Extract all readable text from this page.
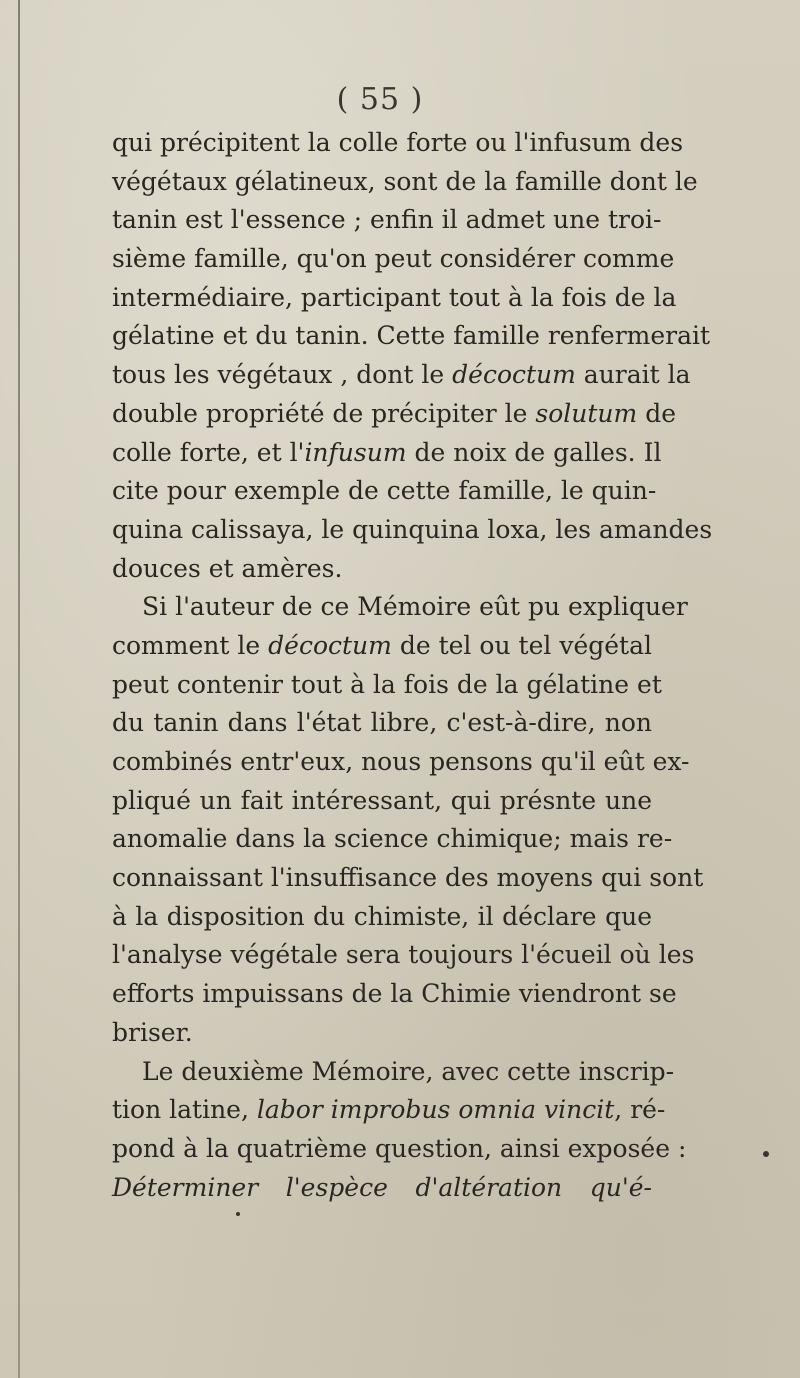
( 55 )
qui précipitent la colle forte ou l'infusum des
végétaux gélatineux, sont de la famille dont le
tanin est l'essence ; enfin il admet une troi-
sième famille, qu'on peut considérer comme
intermédiaire, participant tout à la fois de la
gélatine et du tanin. Cette famille renfermerait
tous les végétaux , dont le décoctum aurait la
double propriété de précipiter le solutum de
colle forte, et l'infusum de noix de galles. Il
cite pour exemple de cette famille, le quin-
quina calissaya, le quinquina loxa, les amandes
douces et amères.
Si l'auteur de ce Mémoire eût pu expliquer
comment le décoctum de tel ou tel végétal
peut contenir tout à la fois de la gélatine et
du tanin dans l'état libre, c'est-à-dire, non
combinés entr'eux, nous pensons qu'il eût ex-
pliqué un fait intéressant, qui présnte une
anomalie dans la science chimique; mais re-
connaissant l'insuffisance des moyens qui sont
à la disposition du chimiste, il déclare que
l'analyse végétale sera toujours l'écueil où les
efforts impuissans de la Chimie viendront se
briser.
Le deuxième Mémoire, avec cette inscrip-
tion latine, labor improbus omnia vincit, ré-
pond à la quatrième question, ainsi exposée :
Déterminer l'espèce d'altération qu'é-
